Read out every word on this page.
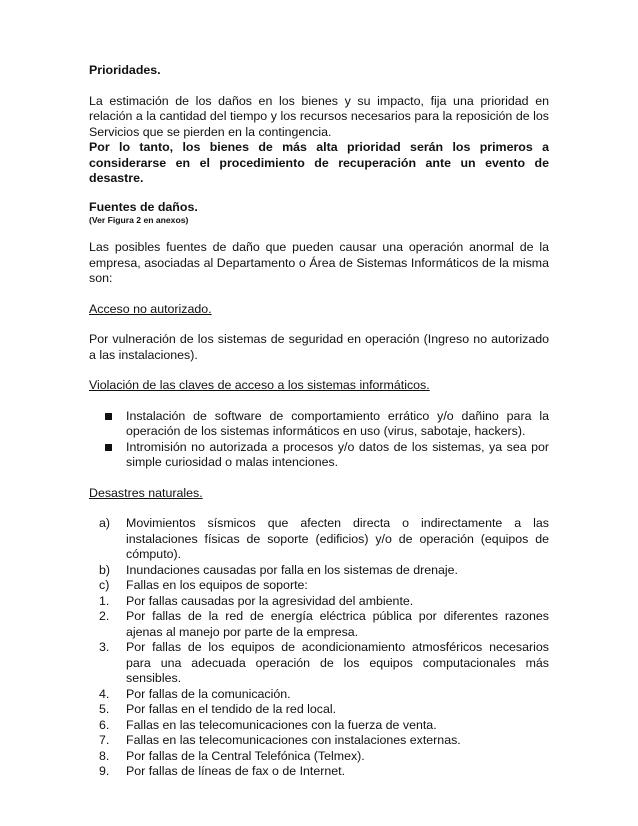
Prioridades.

La estimación de los daños en los bienes y su impacto, fija una prioridad en relación a la cantidad del tiempo y los recursos necesarios para la reposición de los Servicios que se pierden en la contingencia.

Por lo tanto, los bienes de más alta prioridad serán los primeros a considerarse en el procedimiento de recuperación ante un evento de desastre.

Fuentes de daños.

(Ver Figura 2 en anexos)

Las posibles fuentes de daño que pueden causar una operación anormal de la empresa, asociadas al Departamento o Área de Sistemas Informáticos de la misma son:

Acceso no autorizado.

Por vulneración de los sistemas de seguridad en operación (Ingreso no autorizado a las instalaciones).

Violación de las claves de acceso a los sistemas informáticos.

Instalación de software de comportamiento errático y/o dañino para la operación de los sistemas informáticos en uso (virus, sabotaje, hackers).
Intromisión no autorizada a procesos y/o datos de los sistemas, ya sea por simple curiosidad o malas intenciones.

Desastres naturales.

a)	Movimientos sísmicos que afecten directa o indirectamente a las instalaciones físicas de soporte (edificios) y/o de operación (equipos de cómputo).
b)	Inundaciones causadas por falla en los sistemas de drenaje.
c)	Fallas en los equipos de soporte:
1.	Por fallas causadas por la agresividad del ambiente.
2.	Por fallas de la red de energía eléctrica pública por diferentes razones ajenas al manejo por parte de la empresa.
3.	Por fallas de los equipos de acondicionamiento atmosféricos necesarios para una adecuada operación de los equipos computacionales más sensibles.
4.	Por fallas de la comunicación.
5.	Por fallas en el tendido de la red local.
6.	Fallas en las telecomunicaciones con la fuerza de venta.
7.	Fallas en las telecomunicaciones con instalaciones externas.
8.	Por fallas de la Central Telefónica (Telmex).
9.	Por fallas de líneas de fax o de Internet.
